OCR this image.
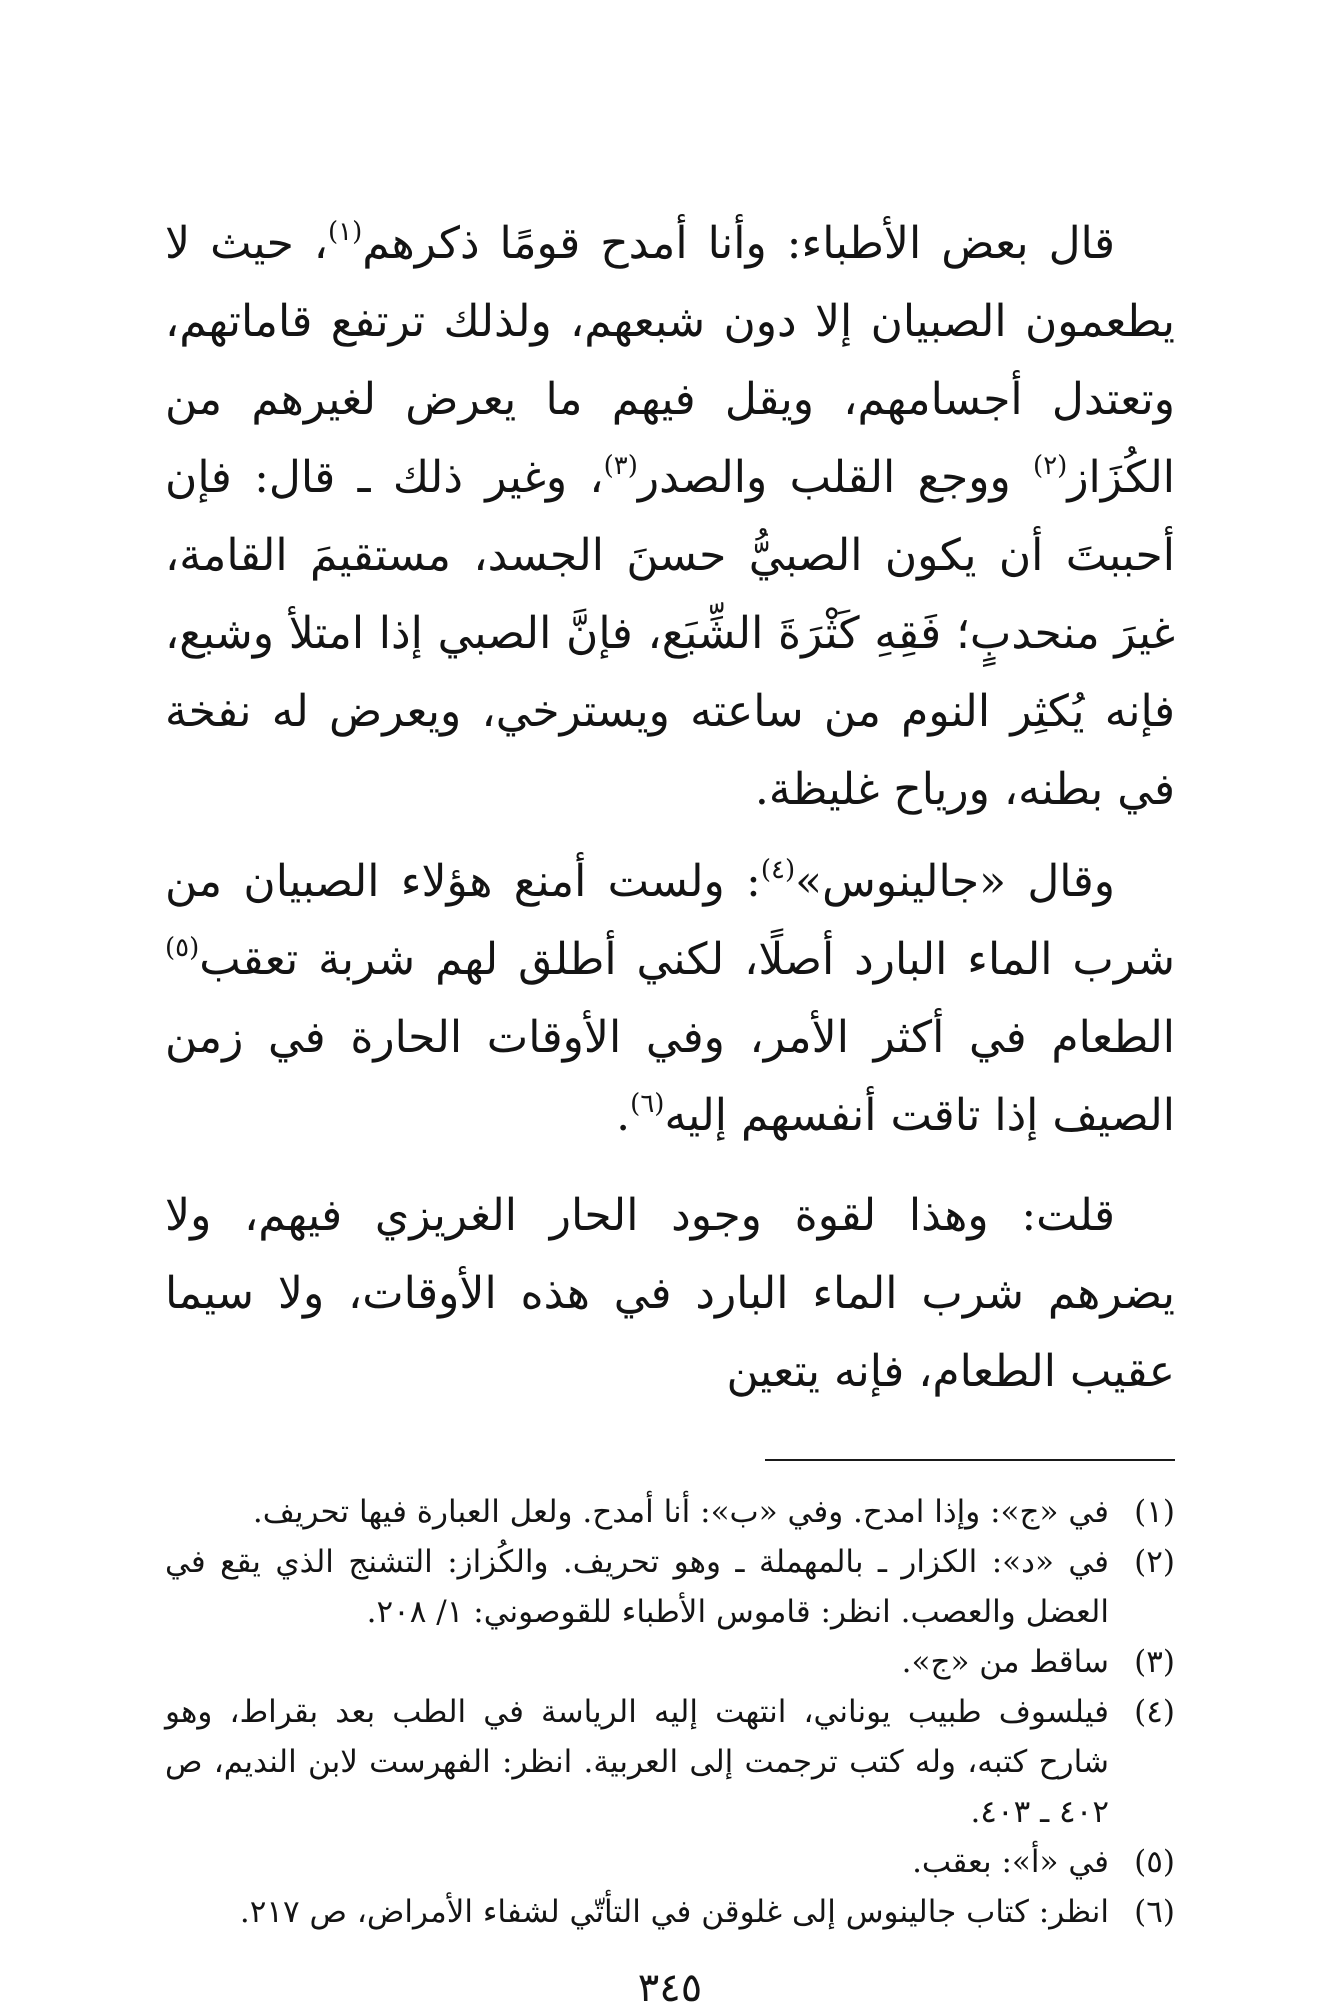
قال بعض الأطباء: وأنا أمدح قومًا ذكرهم$^{(١)}$، حيث لا يطعمون الصبيان إلا دون شبعهم، ولذلك ترتفع قاماتهم، وتعتدل أجسامهم، ويقل فيهم ما يعرض لغيرهم من الكُزَاز$^{(٢)}$ ووجع القلب والصدر$^{(٣)}$، وغير ذلك ـ قال: فإن أحببتَ أن يكون الصبيُّ حسنَ الجسد، مستقيمَ القامة، غيرَ منحدبٍ؛ فَقِهِ كَثْرَةَ الشِّبَع، فإنَّ الصبي إذا امتلأ وشبع، فإنه يُكثِر النوم من ساعته ويسترخي، ويعرض له نفخة في بطنه، ورياح غليظة.

وقال «جالينوس»$^{(٤)}$: ولست أمنع هؤلاء الصبيان من شرب الماء البارد أصلًا، لكني أطلق لهم شربة تعقب$^{(٥)}$ الطعام في أكثر الأمر، وفي الأوقات الحارة في زمن الصيف إذا تاقت أنفسهم إليه$^{(٦)}$.

قلت: وهذا لقوة وجود الحار الغريزي فيهم، ولا يضرهم شرب الماء البارد في هذه الأوقات، ولا سيما عقيب الطعام، فإنه يتعين

(١)
في «ج»: وإذا امدح. وفي «ب»: أنا أمدح. ولعل العبارة فيها تحريف.
(٢)
في «د»: الكزار ـ بالمهملة ـ وهو تحريف. والكُزاز: التشنج الذي يقع في العضل والعصب. انظر: قاموس الأطباء للقوصوني: ١/ ٢٠٨.
(٣)
ساقط من «ج».
(٤)
فيلسوف طبيب يوناني، انتهت إليه الرياسة في الطب بعد بقراط، وهو شارح كتبه، وله كتب ترجمت إلى العربية. انظر: الفهرست لابن النديم، ص ٤٠٢ ـ ٤٠٣.
(٥)
في «أ»: بعقب.
(٦)
انظر: كتاب جالينوس إلى غلوقن في التأتّي لشفاء الأمراض، ص ٢١٧.
٣٤٥
